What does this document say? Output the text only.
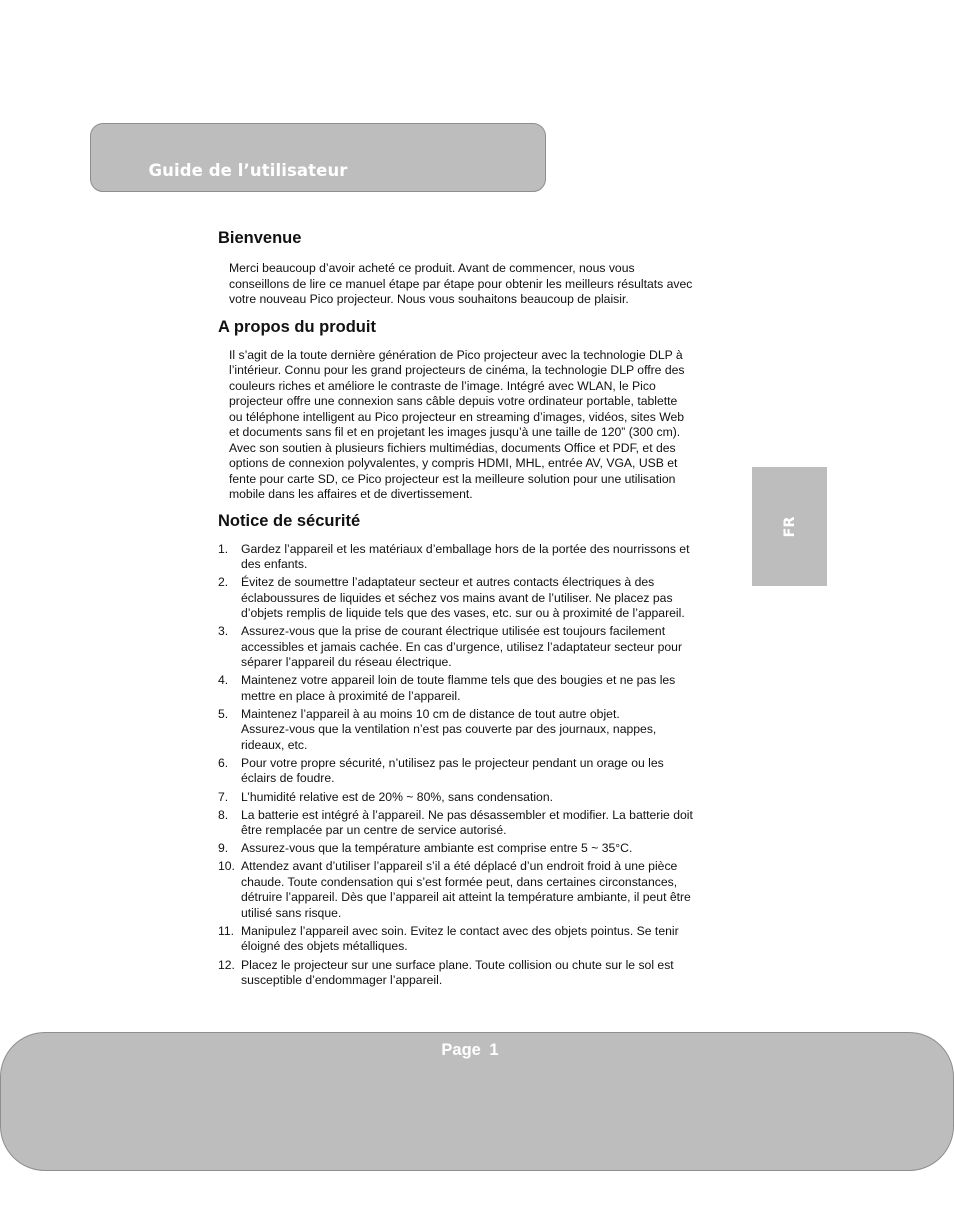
Guide de l’utilisateur
Bienvenue

Merci beaucoup d’avoir acheté ce produit. Avant de commencer, nous vous
conseillons de lire ce manuel étape par étape pour obtenir les meilleurs résultats avec
votre nouveau Pico projecteur. Nous vous souhaitons beaucoup de plaisir.

A propos du produit

Il s’agit de la toute dernière génération de Pico projecteur avec la technologie DLP à
l’intérieur. Connu pour les grand projecteurs de cinéma, la technologie DLP offre des
couleurs riches et améliore le contraste de l’image. Intégré avec WLAN, le Pico
projecteur offre une connexion sans câble depuis votre ordinateur portable, tablette
ou téléphone intelligent au Pico projecteur en streaming d’images, vidéos, sites Web
et documents sans fil et en projetant les images jusqu’à une taille de 120” (300 cm).
Avec son soutien à plusieurs fichiers multimédias, documents Office et PDF, et des
options de connexion polyvalentes, y compris HDMI, MHL, entrée AV, VGA, USB et
fente pour carte SD, ce Pico projecteur est la meilleure solution pour une utilisation
mobile dans les affaires et de divertissement.

Notice de sécurité
1. Gardez l’appareil et les matériaux d’emballage hors de la portée des nourrissons et
des enfants.
2. Évitez de soumettre l’adaptateur secteur et autres contacts électriques à des
éclaboussures de liquides et séchez vos mains avant de l’utiliser. Ne placez pas
d’objets remplis de liquide tels que des vases, etc. sur ou à proximité de l’appareil.
3. Assurez-vous que la prise de courant électrique utilisée est toujours facilement
accessibles et jamais cachée. En cas d’urgence, utilisez l’adaptateur secteur pour
séparer l’appareil du réseau électrique.
4. Maintenez votre appareil loin de toute flamme tels que des bougies et ne pas les
mettre en place à proximité de l’appareil.
5. Maintenez l’appareil à au moins 10 cm de distance de tout autre objet.
Assurez-vous que la ventilation n’est pas couverte par des journaux, nappes,
rideaux, etc.
6. Pour votre propre sécurité, n’utilisez pas le projecteur pendant un orage ou les
éclairs de foudre.
7. L’humidité relative est de 20% ~ 80%, sans condensation.
8. La batterie est intégré à l’appareil. Ne pas désassembler et modifier. La batterie doit
être remplacée par un centre de service autorisé.
9. Assurez-vous que la température ambiante est comprise entre 5 ~ 35°C.
10. Attendez avant d’utiliser l’appareil s’il a été déplacé d’un endroit froid à une pièce
chaude. Toute condensation qui s’est formée peut, dans certaines circonstances,
détruire l’appareil. Dès que l’appareil ait atteint la température ambiante, il peut être
utilisé sans risque.
11. Manipulez l’appareil avec soin. Evitez le contact avec des objets pointus. Se tenir
éloigné des objets métalliques.
12. Placez le projecteur sur une surface plane. Toute collision ou chute sur le sol est
susceptible d’endommager l’appareil.
FR
Page 1
